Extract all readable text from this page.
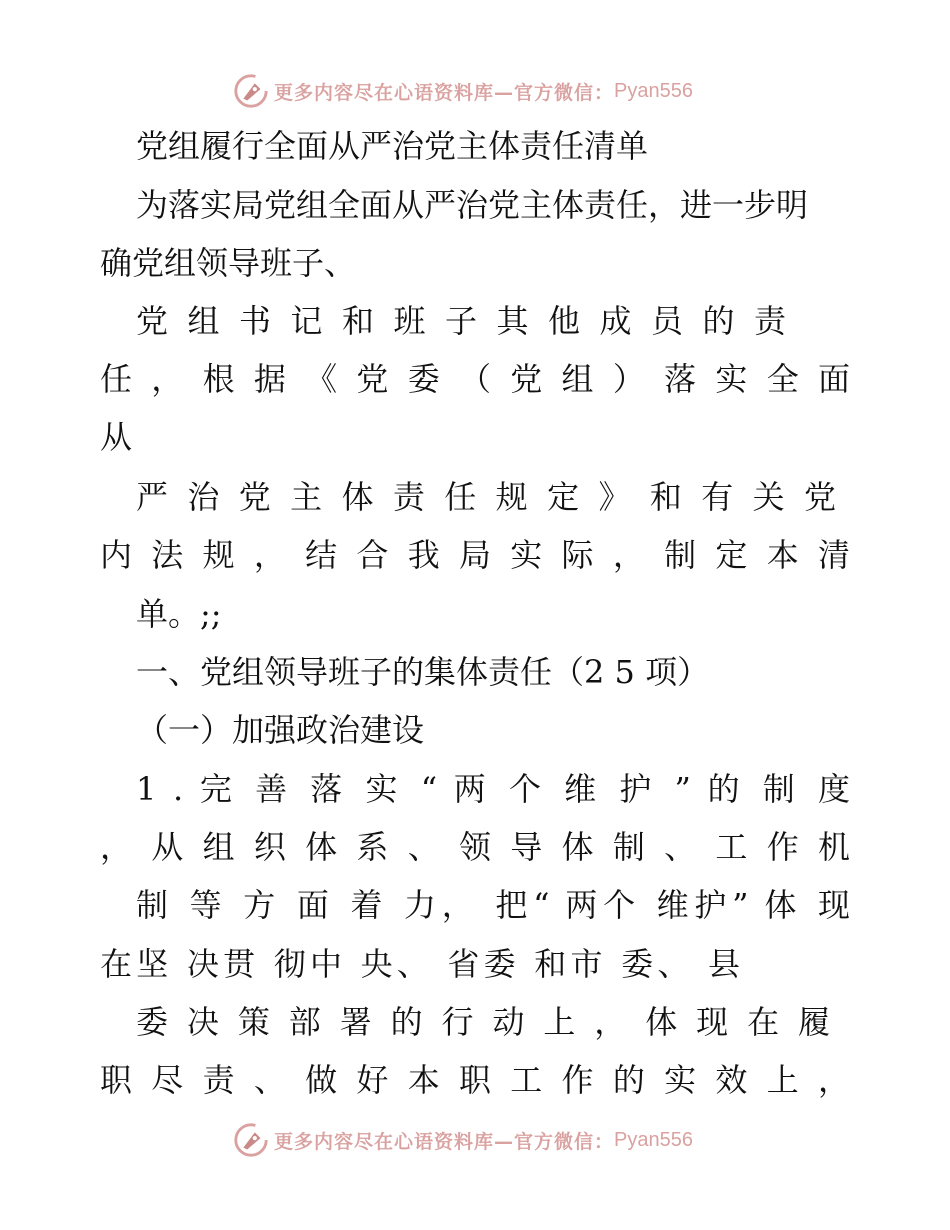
更多内容尽在心语资料库—官方微信： Pyan556
党组履行全面从严治党主体责任清单
为落实局党组全面从严治党主体责任，进一步明
确党组领导班子、
党 组 书 记 和 班 子 其 他 成 员 的 责
任 ， 根 据 《 党 委 （ 党 组 ） 落 实 全 面
从
严 治 党 主 体 责 任 规 定 》 和 有 关 党
内 法 规 ， 结 合 我 局 实 际 ， 制 定 本 清
单。;;
一、党组领导班子的集体责任（2 5 项）
（一）加强政治建设
1 . 完 善 落 实 “ 两 个 维 护 ” 的 制 度
， 从 组 织 体 系 、 领 导 体 制 、 工 作 机
制 等 方 面 着 力， 把“ 两个 维护” 体 现
在坚 决贯 彻中 央、 省委 和市 委、 县
委 决 策 部 署 的 行 动 上 ， 体 现 在 履
职 尽 责 、 做 好 本 职 工 作 的 实 效 上 ，
更多内容尽在心语资料库—官方微信： Pyan556
